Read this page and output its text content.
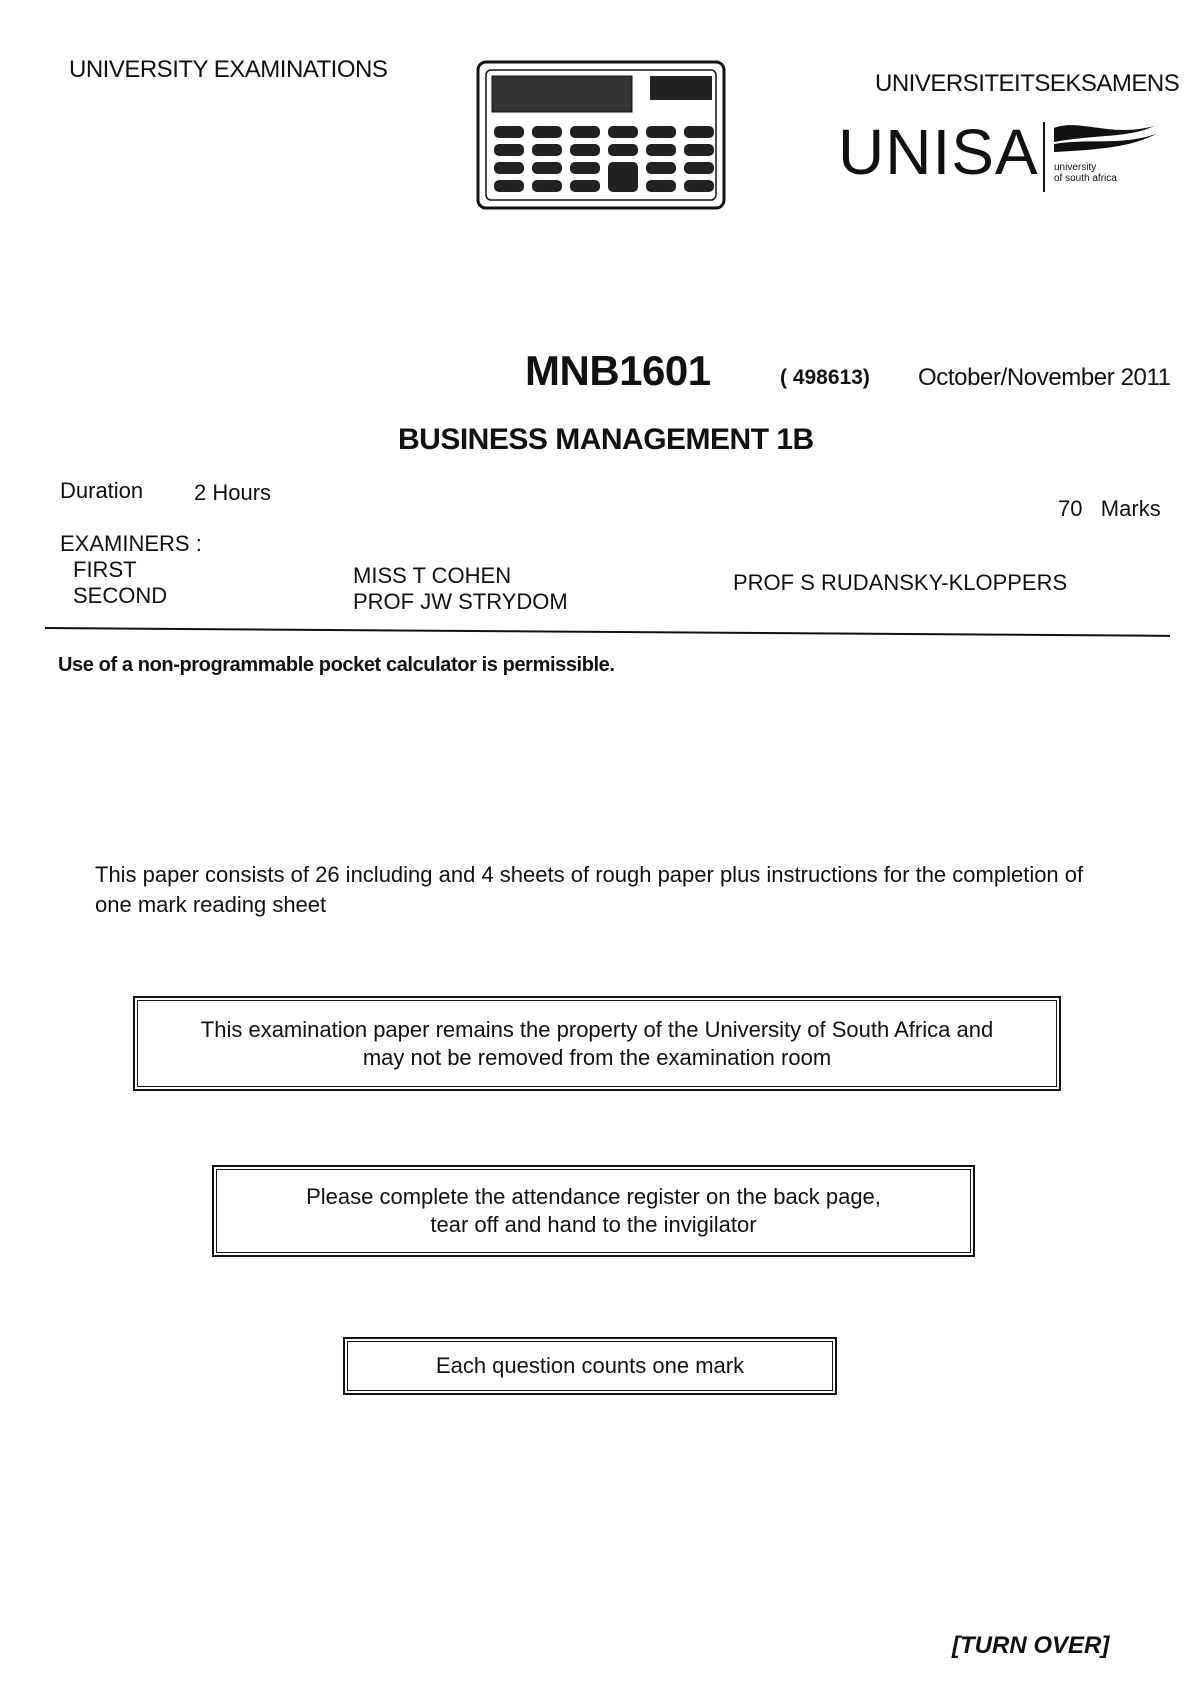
UNIVERSITY EXAMINATIONS
UNIVERSITEITSEKSAMENS
UNISA university
of south africa
MNB1601	( 498613) October/November 2011
BUSINESS MANAGEMENT 1B
Duration 2 Hours
70   Marks
EXAMINERS :
FIRST
SECOND
MISS T COHEN
PROF JW STRYDOM
PROF S RUDANSKY-KLOPPERS
Use of a non-programmable pocket calculator is permissible.
This paper consists of 26 including and 4 sheets of rough paper plus instructions for the completion of one mark reading sheet
This examination paper remains the property of the University of South Africa and
may not be removed from the examination room
Please complete the attendance register on the back page,
tear off and hand to the invigilator
Each question counts one mark
[TURN OVER]
